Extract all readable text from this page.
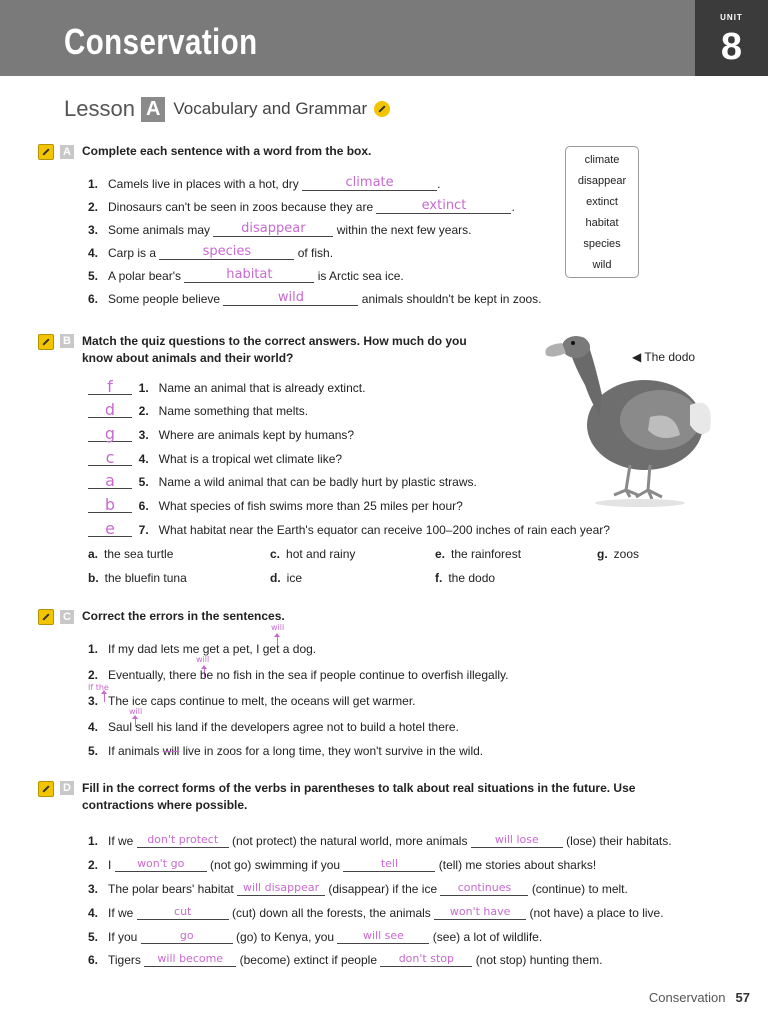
Conservation
UNIT
8
Lesson A Vocabulary and Grammar
A Complete each sentence with a word from the box.
1. Camels live in places with a hot, dry	climate	.
2. Dinosaurs can't be seen in zoos because they are	extinct	.
3. Some animals may disappear	within the next few years.
4. Carp is a	species	of fish.
5. A polar bear's	habitat	is Arctic sea ice.
6. Some people believe	wild	animals shouldn't be kept in zoos.
climate
disappear
extinct
habitat
species
wild
B Match the quiz questions to the correct answers. How much do you
know about animals and their world?	◀ The dodo
f 1. Name an animal that is already extinct.
d 2. Name something that melts.
g 3. Where are animals kept by humans?
c 4. What is a tropical wet climate like?
a 5. Name a wild animal that can be badly hurt by plastic straws.
b 6. What species of fish swims more than 25 miles per hour?
e 7. What habitat near the Earth's equator can receive 100–200 inches of rain each year?
a. the sea turtle	c. hot and rainy	e. the rainforest	g. zoos
b. the bluefin tuna	d. ice	f. the dodo
C Correct the errors in the sentences.
will
1. If my dad lets me get a pet, I get a dog.
will
2. Eventually, there be no fish in the sea if people continue to overfish illegally.
If the
3. The ice caps continue to melt, the oceans will get warmer.
will
4. Saul sell his land if the developers agree not to build a hotel there.
5. If animals will live in zoos for a long time, they won't survive in the wild.
D Fill in the correct forms of the verbs in parentheses to talk about real situations in the future. Use
contractions where possible.
1. If we don't protect (not protect) the natural world, more animals will lose (lose) their habitats.
2. I won't go (not go) swimming if you	tell	(tell) me stories about sharks!
3. The polar bears' habitat will disappear (disappear) if the ice continues (continue) to melt.
4. If we	cut	(cut) down all the forests, the animals won't have (not have) a place to live.
5. If you	go	(go) to Kenya, you	will see (see) a lot of wildlife.
6. Tigers will become (become) extinct if people don't stop (not stop) hunting them.
Conservation 57
